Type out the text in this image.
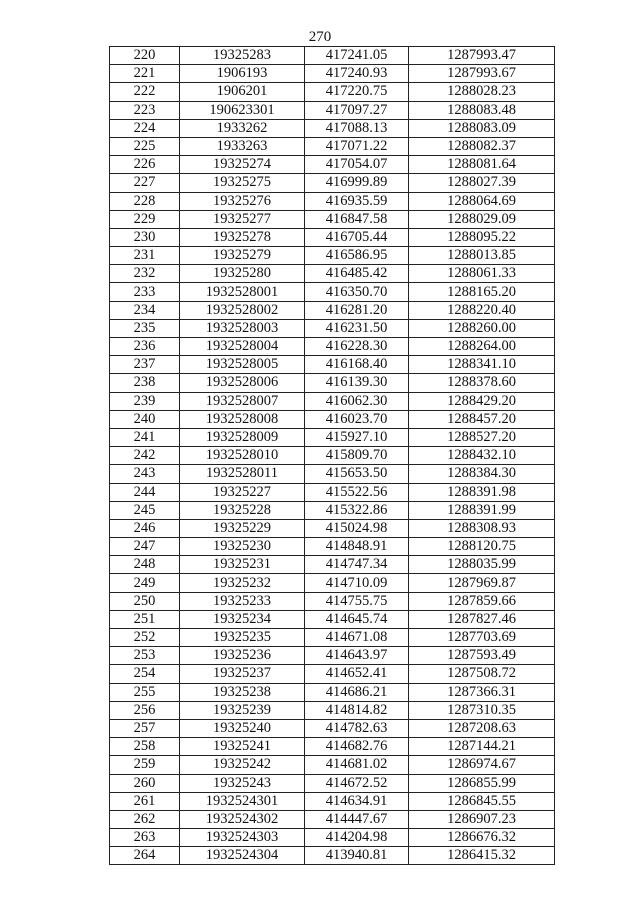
270
220	19325283	417241.05	1287993.47
221	1906193	417240.93	1287993.67
222	1906201	417220.75	1288028.23
223	190623301	417097.27	1288083.48
224	1933262	417088.13	1288083.09
225	1933263	417071.22	1288082.37
226	19325274	417054.07	1288081.64
227	19325275	416999.89	1288027.39
228	19325276	416935.59	1288064.69
229	19325277	416847.58	1288029.09
230	19325278	416705.44	1288095.22
231	19325279	416586.95	1288013.85
232	19325280	416485.42	1288061.33
233	1932528001	416350.70	1288165.20
234	1932528002	416281.20	1288220.40
235	1932528003	416231.50	1288260.00
236	1932528004	416228.30	1288264.00
237	1932528005	416168.40	1288341.10
238	1932528006	416139.30	1288378.60
239	1932528007	416062.30	1288429.20
240	1932528008	416023.70	1288457.20
241	1932528009	415927.10	1288527.20
242	1932528010	415809.70	1288432.10
243	1932528011	415653.50	1288384.30
244	19325227	415522.56	1288391.98
245	19325228	415322.86	1288391.99
246	19325229	415024.98	1288308.93
247	19325230	414848.91	1288120.75
248	19325231	414747.34	1288035.99
249	19325232	414710.09	1287969.87
250	19325233	414755.75	1287859.66
251	19325234	414645.74	1287827.46
252	19325235	414671.08	1287703.69
253	19325236	414643.97	1287593.49
254	19325237	414652.41	1287508.72
255	19325238	414686.21	1287366.31
256	19325239	414814.82	1287310.35
257	19325240	414782.63	1287208.63
258	19325241	414682.76	1287144.21
259	19325242	414681.02	1286974.67
260	19325243	414672.52	1286855.99
261	1932524301	414634.91	1286845.55
262	1932524302	414447.67	1286907.23
263	1932524303	414204.98	1286676.32
264	1932524304	413940.81	1286415.32
